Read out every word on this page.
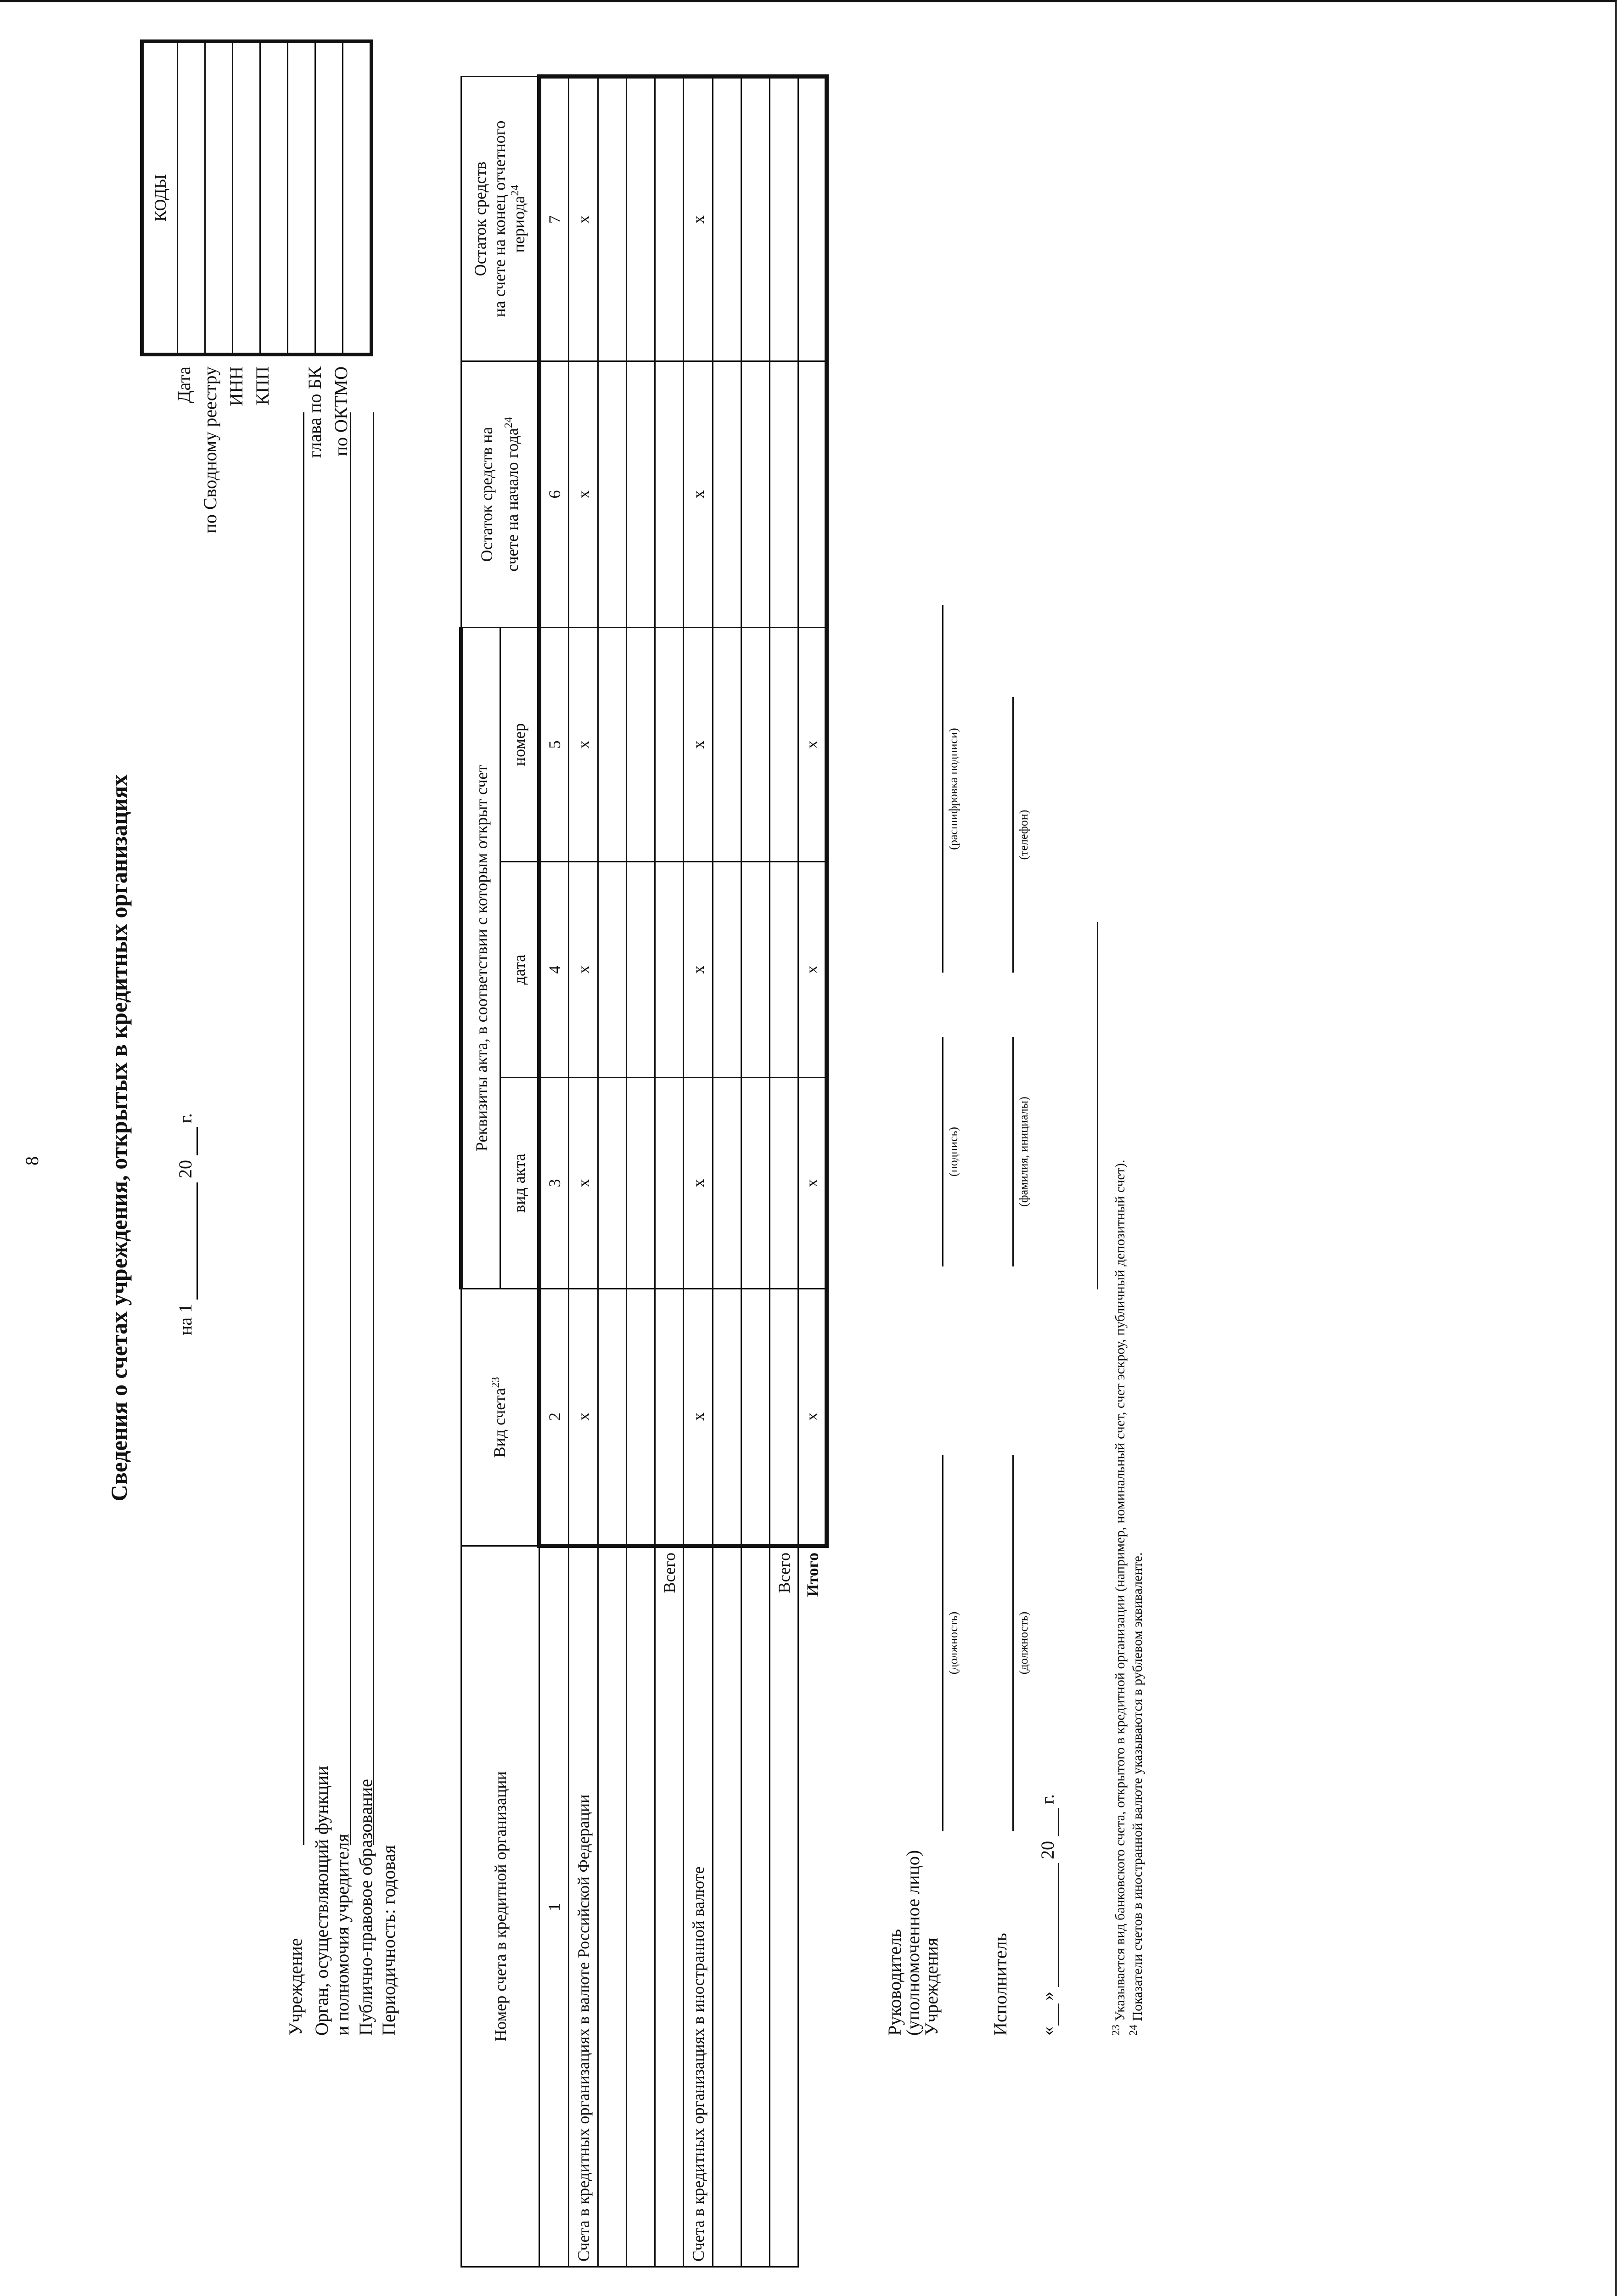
8	Сведения о счетах учреждения, открытых в кредитных организациях на 1
20
г.
Дата по Сводному реестру ИНН КПП глава по БК по ОКТМО
КОДЫ

Учреждение Орган, осуществляющий функции и полномочия учредителя Публично-правовое образование Периодичность: годовая	Номер счета в кредитной организации	Вид счета$^{23}$	Реквизиты акта, в соответствии с которым открыт счет			Остаток средств на счете на начало года$^{24}$	Остаток средств на счете на конец отчетного периода$^{24}$

		вид акта	дата	номер		
1	2	3	4	5	6	7
Счета в кредитных организациях в валюте Российской Федерации	x	x	x	x	x	x

Всего						
Счета в кредитных организациях в иностранной валюте	x	x	x	x	x	x

Всего						
Итого	x	x	x	x		
Руководитель
(уполномоченное лицо)
Учреждения
(должность)
(подпись)
(расшифровка подписи)
Исполнитель
(должность)
(фамилия, инициалы)
(телефон)
«
»
20
г.
$^{23}$ Указывается вид банковского счета, открытого в кредитной организации (например, номинальный счет, счет эскроу, публичный депозитный счет).
$^{24}$ Показатели счетов в иностранной валюте указываются в рублевом эквиваленте.
